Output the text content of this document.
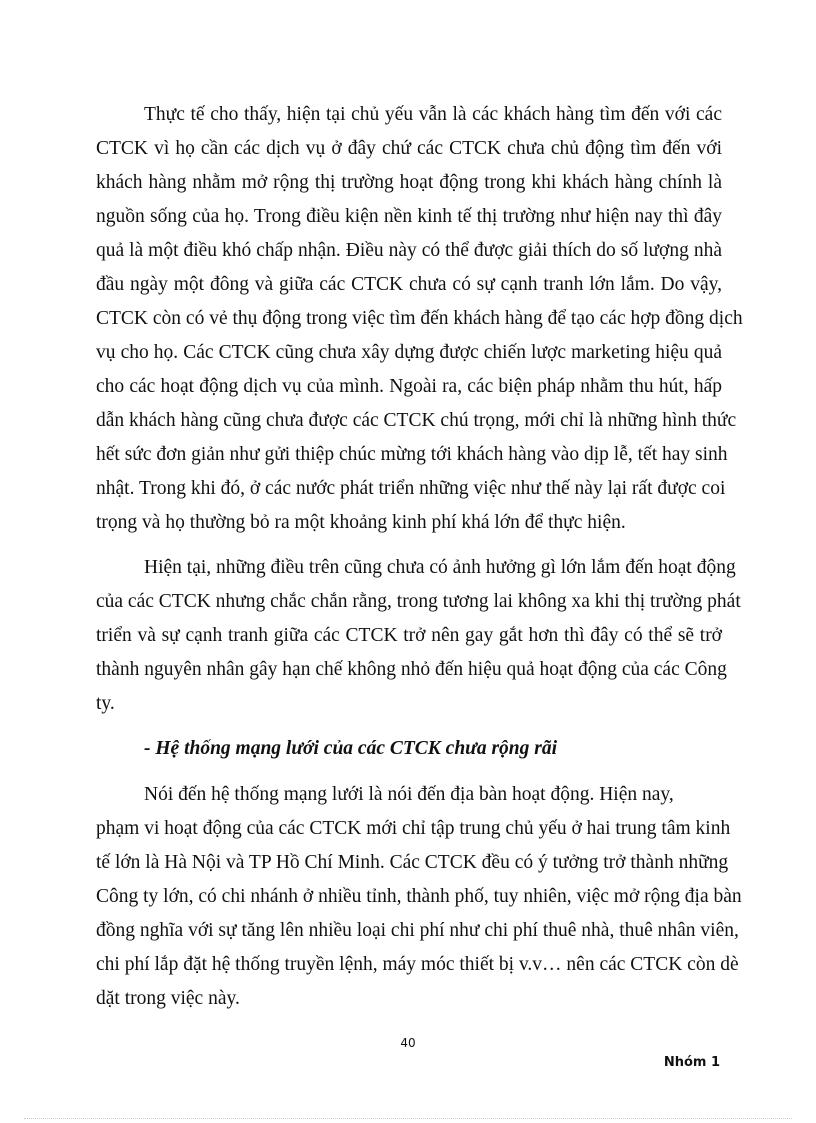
Thực tế cho thấy, hiện tại chủ yếu vẫn là các khách hàng tìm đến với các
CTCK vì họ cần các dịch vụ ở đây chứ các CTCK chưa chủ động tìm đến với
khách hàng nhằm mở rộng thị trường hoạt động trong khi khách hàng chính là
nguồn sống của họ. Trong điều kiện nền kinh tế thị trường như hiện nay thì đây
quả là một điều khó chấp nhận. Điều này có thể được giải thích do số lượng nhà
đầu ngày một đông và giữa các CTCK chưa có sự cạnh tranh lớn lắm. Do vậy,
CTCK còn có vẻ thụ động trong việc tìm đến khách hàng để tạo các hợp đồng dịch
vụ cho họ. Các CTCK cũng chưa xây dựng được chiến lược marketing hiệu quả
cho các hoạt động dịch vụ của mình. Ngoài ra, các biện pháp nhằm thu hút, hấp
dẫn khách hàng cũng chưa được các CTCK chú trọng, mới chỉ là những hình thức
hết sức đơn giản như gửi thiệp chúc mừng tới khách hàng vào dịp lễ, tết hay sinh
nhật. Trong khi đó, ở các nước phát triển những việc như thế này lại rất được coi
trọng và họ thường bỏ ra một khoảng kinh phí khá lớn để thực hiện.
Hiện tại, những điều trên cũng chưa có ảnh hưởng gì lớn lắm đến hoạt động
của các CTCK nhưng chắc chắn rằng, trong tương lai không xa khi thị trường phát
triển và sự cạnh tranh giữa các CTCK trở nên gay gắt hơn thì đây có thể sẽ trở
thành nguyên nhân gây hạn chế không nhỏ đến hiệu quả hoạt động của các Công
ty.
- Hệ thống mạng lưới của các CTCK chưa rộng rãi
Nói đến hệ thống mạng lưới là nói đến địa bàn hoạt động. Hiện nay,
phạm vi hoạt động của các CTCK mới chỉ tập trung chủ yếu ở hai trung tâm kinh
tế lớn là Hà Nội và TP Hồ Chí Minh. Các CTCK đều có ý tưởng trở thành những
Công ty lớn, có chi nhánh ở nhiều tỉnh, thành phố, tuy nhiên, việc mở rộng địa bàn
đồng nghĩa với sự tăng lên nhiều loại chi phí như chi phí thuê nhà, thuê nhân viên,
chi phí lắp đặt hệ thống truyền lệnh, máy móc thiết bị v.v… nên các CTCK còn dè
dặt trong việc này.
40
Nhóm 1
